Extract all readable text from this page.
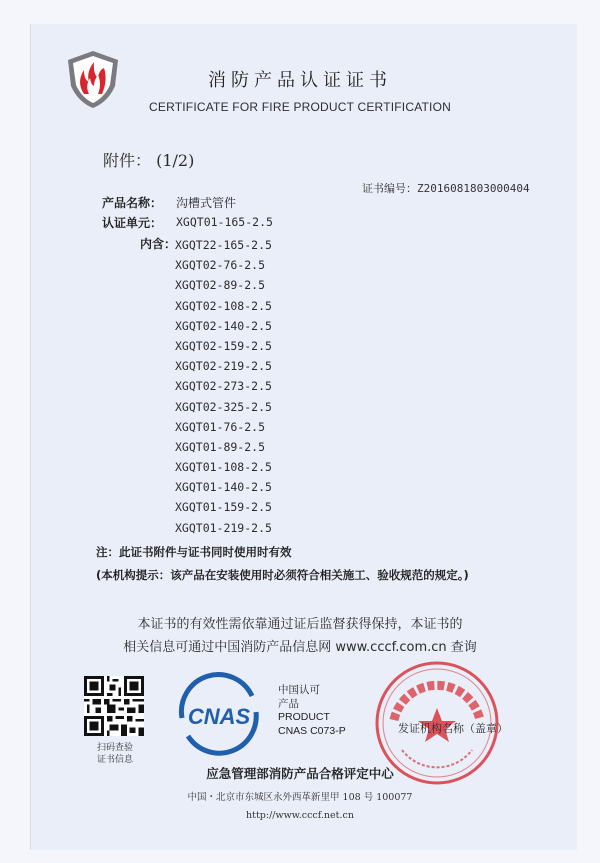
消防产品认证证书
CERTIFICATE FOR FIRE PRODUCT CERTIFICATION
附件： (1/2)
证书编号：Z2016081803000404
产品名称： 沟槽式管件
认证单元： XGQT01-165-2.5
内含：
XGQT22-165-2.5
XGQT02-76-2.5
XGQT02-89-2.5
XGQT02-108-2.5
XGQT02-140-2.5
XGQT02-159-2.5
XGQT02-219-2.5
XGQT02-273-2.5
XGQT02-325-2.5
XGQT01-76-2.5
XGQT01-89-2.5
XGQT01-108-2.5
XGQT01-140-2.5
XGQT01-159-2.5
XGQT01-219-2.5
注：此证书附件与证书同时使用时有效
(本机构提示：该产品在安装使用时必须符合相关施工、验收规范的规定。)
本证书的有效性需依靠通过证后监督获得保持，本证书的
相关信息可通过中国消防产品信息网 www.cccf.com.cn 查询
扫码查验
证书信息
CNAS
中国认可
产品
PRODUCT
CNAS C073-P	发证机构名称（盖章）
应急管理部消防产品合格评定中心
中国・北京市东城区永外西革新里甲 108 号 100077
http://www.cccf.net.cn
